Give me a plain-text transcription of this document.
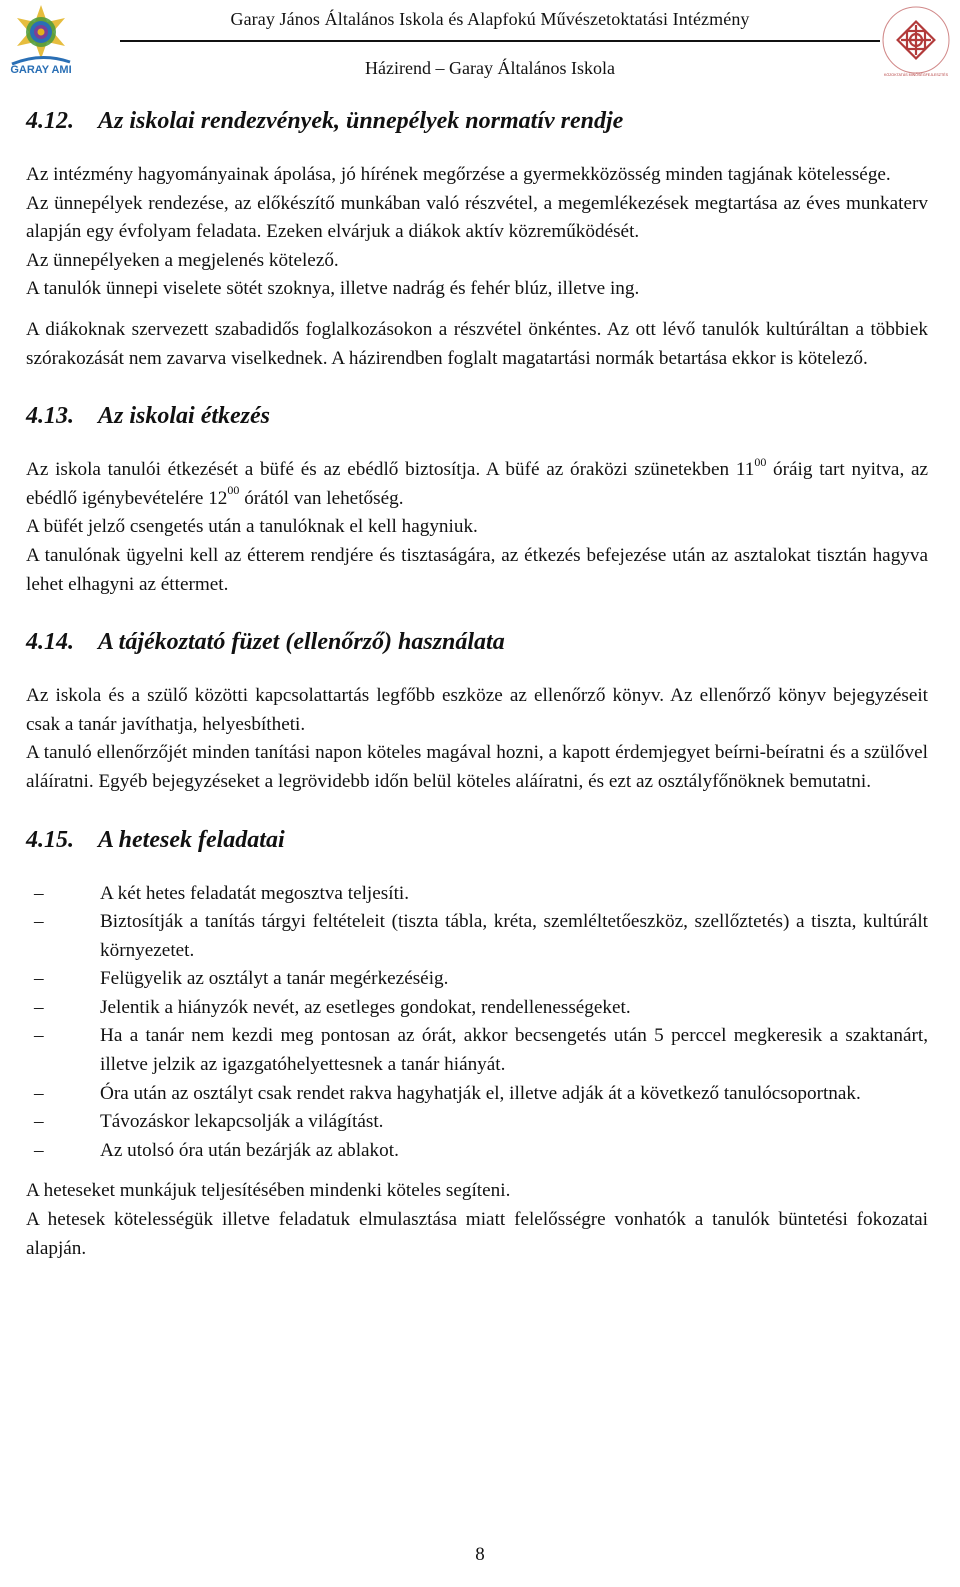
GARAY AMI
Garay János Általános Iskola és Alapfokú Művészetoktatási Intézmény
Házirend – Garay Általános Iskola	KÖZOKTATÁS MINŐSÉGFEJLESZTÉS
4.12.	Az iskolai rendezvények, ünnepélyek normatív rendje

Az intézmény hagyományainak ápolása, jó hírének megőrzése a gyermekközösség minden tagjának kötelessége.

Az ünnepélyek rendezése, az előkészítő munkában való részvétel, a megemlékezések megtartása az éves munkaterv alapján egy évfolyam feladata. Ezeken elvárjuk a diákok aktív közreműködését.

Az ünnepélyeken a megjelenés kötelező.

A tanulók ünnepi viselete sötét szoknya, illetve nadrág és fehér blúz, illetve ing.

A diákoknak szervezett szabadidős foglalkozásokon a részvétel önkéntes. Az ott lévő tanulók kultúráltan a többiek szórakozását nem zavarva viselkednek. A házirendben foglalt magatartási normák betartása ekkor is kötelező.

4.13.	Az iskolai étkezés

Az iskola tanulói étkezését a büfé és az ebédlő biztosítja. A büfé az óraközi szünetekben $11^{00}$ óráig tart nyitva, az ebédlő igénybevételére $12^{00}$ órától van lehetőség.

A büfét jelző csengetés után a tanulóknak el kell hagyniuk.

A tanulónak ügyelni kell az étterem rendjére és tisztaságára, az étkezés befejezése után az asztalokat tisztán hagyva lehet elhagyni az éttermet.

4.14.	A tájékoztató füzet (ellenőrző) használata

Az iskola és a szülő közötti kapcsolattartás legfőbb eszköze az ellenőrző könyv. Az ellenőrző könyv bejegyzéseit csak a tanár javíthatja, helyesbítheti.

A tanuló ellenőrzőjét minden tanítási napon köteles magával hozni, a kapott érdemjegyet beírni-beíratni és a szülővel aláíratni. Egyéb bejegyzéseket a legrövidebb időn belül köteles aláíratni, és ezt az osztályfőnöknek bemutatni.

4.15.	A hetesek feladatai
– A két hetes feladatát megosztva teljesíti.
– Biztosítják a tanítás tárgyi feltételeit (tiszta tábla, kréta, szemléltetőeszköz, szellőztetés) a tiszta, kultúrált környezetet.
– Felügyelik az osztályt a tanár megérkezéséig.
– Jelentik a hiányzók nevét, az esetleges gondokat, rendellenességeket.
– Ha a tanár nem kezdi meg pontosan az órát, akkor becsengetés után 5 perccel megkeresik a szaktanárt, illetve jelzik az igazgatóhelyettesnek a tanár hiányát.
– Óra után az osztályt csak rendet rakva hagyhatják el, illetve adják át a következő tanulócsoportnak.
– Távozáskor lekapcsolják a világítást.
– Az utolsó óra után bezárják az ablakot.

A heteseket munkájuk teljesítésében mindenki köteles segíteni.

A hetesek kötelességük illetve feladatuk elmulasztása miatt felelősségre vonhatók a tanulók büntetési fokozatai alapján.

8
